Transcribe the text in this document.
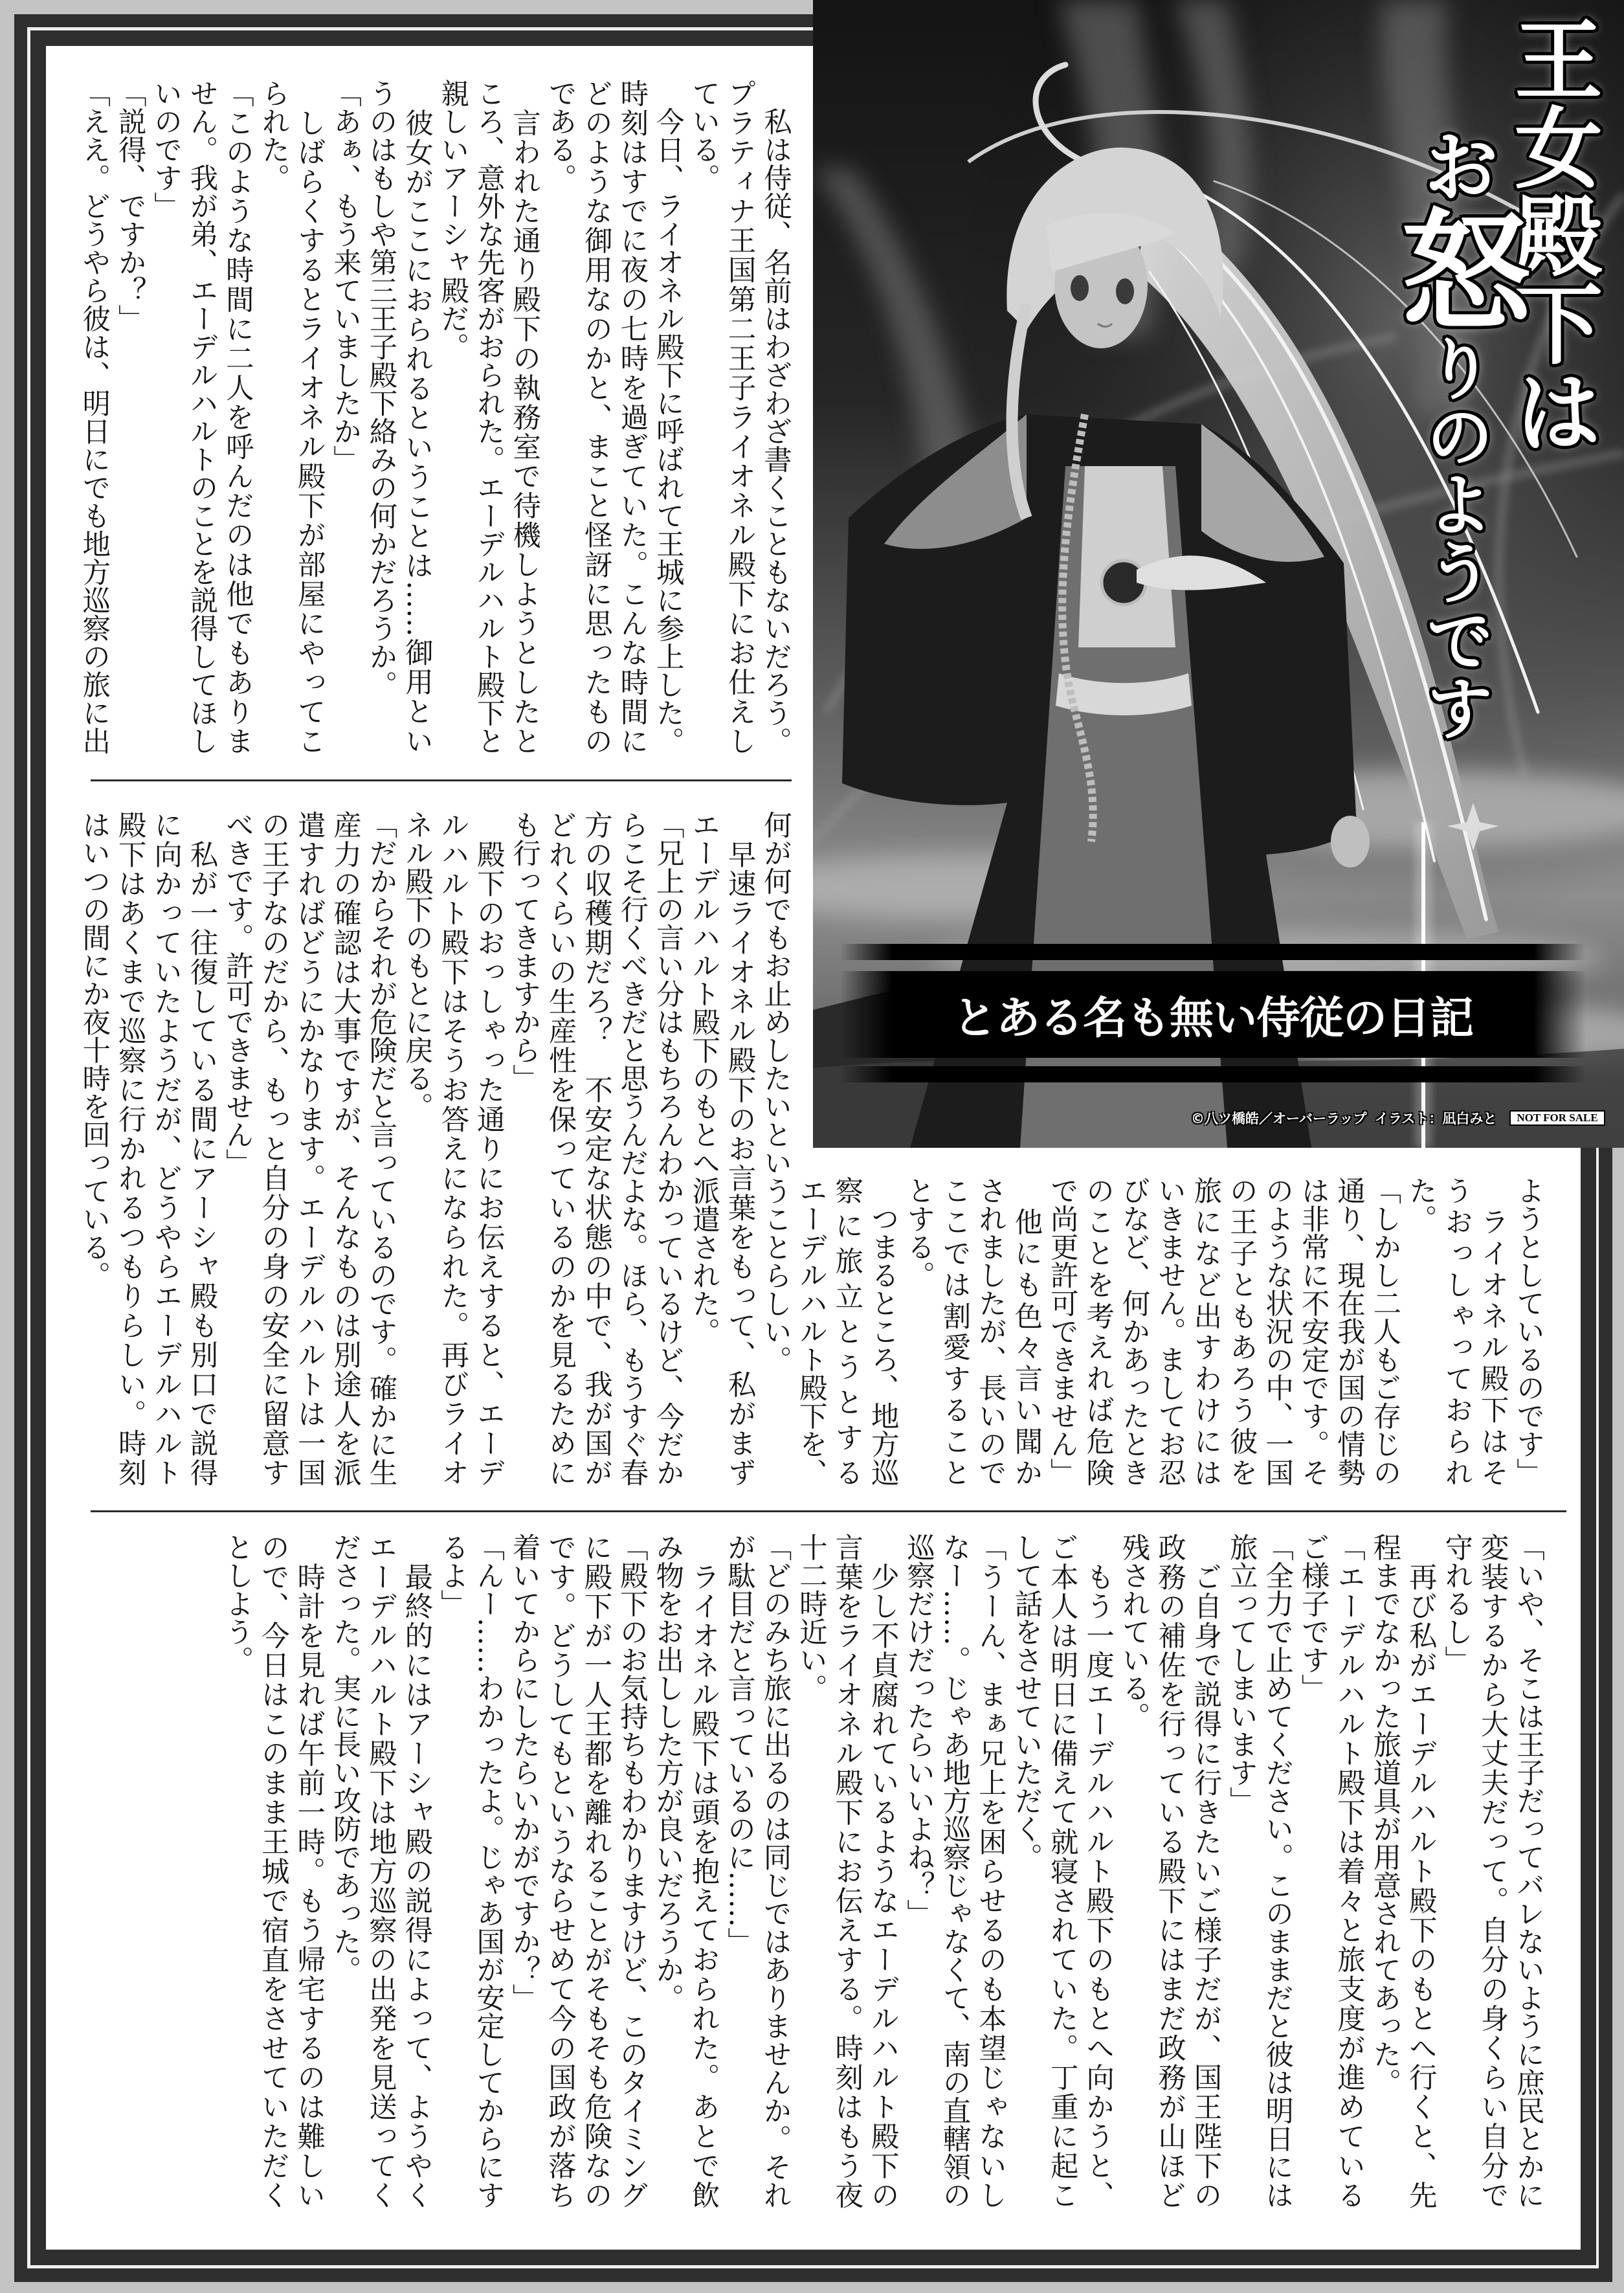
　私は侍従、名前はわざわざ書くこともないだろう。
プラティナ王国第二王子ライオネル殿下にお仕えし
ている。
　今日、ライオネル殿下に呼ばれて王城に参上した。
時刻はすでに夜の七時を過ぎていた。こんな時間に
どのような御用なのかと、まこと怪訝に思ったもの
である。
　言われた通り殿下の執務室で待機しようとしたと
ころ、意外な先客がおられた。エーデルハルト殿下と
親しいアーシャ殿だ。
　彼女がここにおられるということは……御用とい
うのはもしや第三王子殿下絡みの何かだろうか。
「あぁ、もう来ていましたか」
　しばらくするとライオネル殿下が部屋にやってこ
られた。
「このような時間に二人を呼んだのは他でもありま
せん。我が弟、エーデルハルトのことを説得してほし
いのです」
「説得、ですか？」
「ええ。どうやら彼は、明日にでも地方巡察の旅に出
ようとしているのです」
　ライオネル殿下はそ
うおっしゃっておられ
た。
「しかし二人もご存じの
通り、現在我が国の情勢
は非常に不安定です。そ
のような状況の中、一国
の王子ともあろう彼を
旅になど出すわけには
いきません。ましてお忍
びなど、何かあったとき
のことを考えれば危険
で尚更許可できません」
　他にも色々言い聞か
されましたが、長いので
ここでは割愛すること
とする。
　つまるところ、地方巡
察に旅立とうとする
エーデルハルト殿下を、
何が何でもお止めしたいということらしい。
　早速ライオネル殿下のお言葉をもって、私がまず
エーデルハルト殿下のもとへ派遣された。
「兄上の言い分はもちろんわかっているけど、今だか
らこそ行くべきだと思うんだよな。ほら、もうすぐ春
方の収穫期だろ？　不安定な状態の中で、我が国が
どれくらいの生産性を保っているのかを見るために
も行ってきますから」
　殿下のおっしゃった通りにお伝えすると、エーデ
ルハルト殿下はそうお答えになられた。再びライオ
ネル殿下のもとに戻る。
「だからそれが危険だと言っているのです。確かに生
産力の確認は大事ですが、そんなものは別途人を派
遣すればどうにかなります。エーデルハルトは一国
の王子なのだから、もっと自分の身の安全に留意す
べきです。許可できません」
　私が一往復している間にアーシャ殿も別口で説得
に向かっていたようだが、どうやらエーデルハルト
殿下はあくまで巡察に行かれるつもりらしい。時刻
はいつの間にか夜十時を回っている。
「いや、そこは王子だってバレないように庶民とかに
変装するから大丈夫だって。自分の身くらい自分で
守れるし」
　再び私がエーデルハルト殿下のもとへ行くと、先
程までなかった旅道具が用意されてあった。
「エーデルハルト殿下は着々と旅支度が進めている
ご様子です」
「全力で止めてください。このままだと彼は明日には
旅立ってしまいます」
　ご自身で説得に行きたいご様子だが、国王陛下の
政務の補佐を行っている殿下にはまだ政務が山ほど
残されている。
　もう一度エーデルハルト殿下のもとへ向かうと、
ご本人は明日に備えて就寝されていた。丁重に起こ
して話をさせていただく。
「うーん、まぁ兄上を困らせるのも本望じゃないし
なー……。じゃあ地方巡察じゃなくて、南の直轄領の
巡察だけだったらいいよね？」
　少し不貞腐れているようなエーデルハルト殿下の
言葉をライオネル殿下にお伝えする。時刻はもう夜
十二時近い。
「どのみち旅に出るのは同じではありませんか。それ
が駄目だと言っているのに……」
　ライオネル殿下は頭を抱えておられた。あとで飲
み物をお出しした方が良いだろうか。
「殿下のお気持ちもわかりますけど、このタイミング
に殿下が一人王都を離れることがそもそも危険なの
です。どうしてもというならせめて今の国政が落ち
着いてからにしたらいかがですか？」
「んー……わかったよ。じゃあ国が安定してからにす
るよ」
　最終的にはアーシャ殿の説得によって、ようやく
エーデルハルト殿下は地方巡察の出発を見送ってく
ださった。実に長い攻防であった。
　時計を見れば午前一時。もう帰宅するのは難しい
ので、今日はこのまま王城で宿直をさせていただく
としよう。
王女殿下は
お怒りのようです
とある名も無い侍従の日記
©八ツ橋皓／オーバーラップ イラスト：凪白みと	NOT FOR SALE
